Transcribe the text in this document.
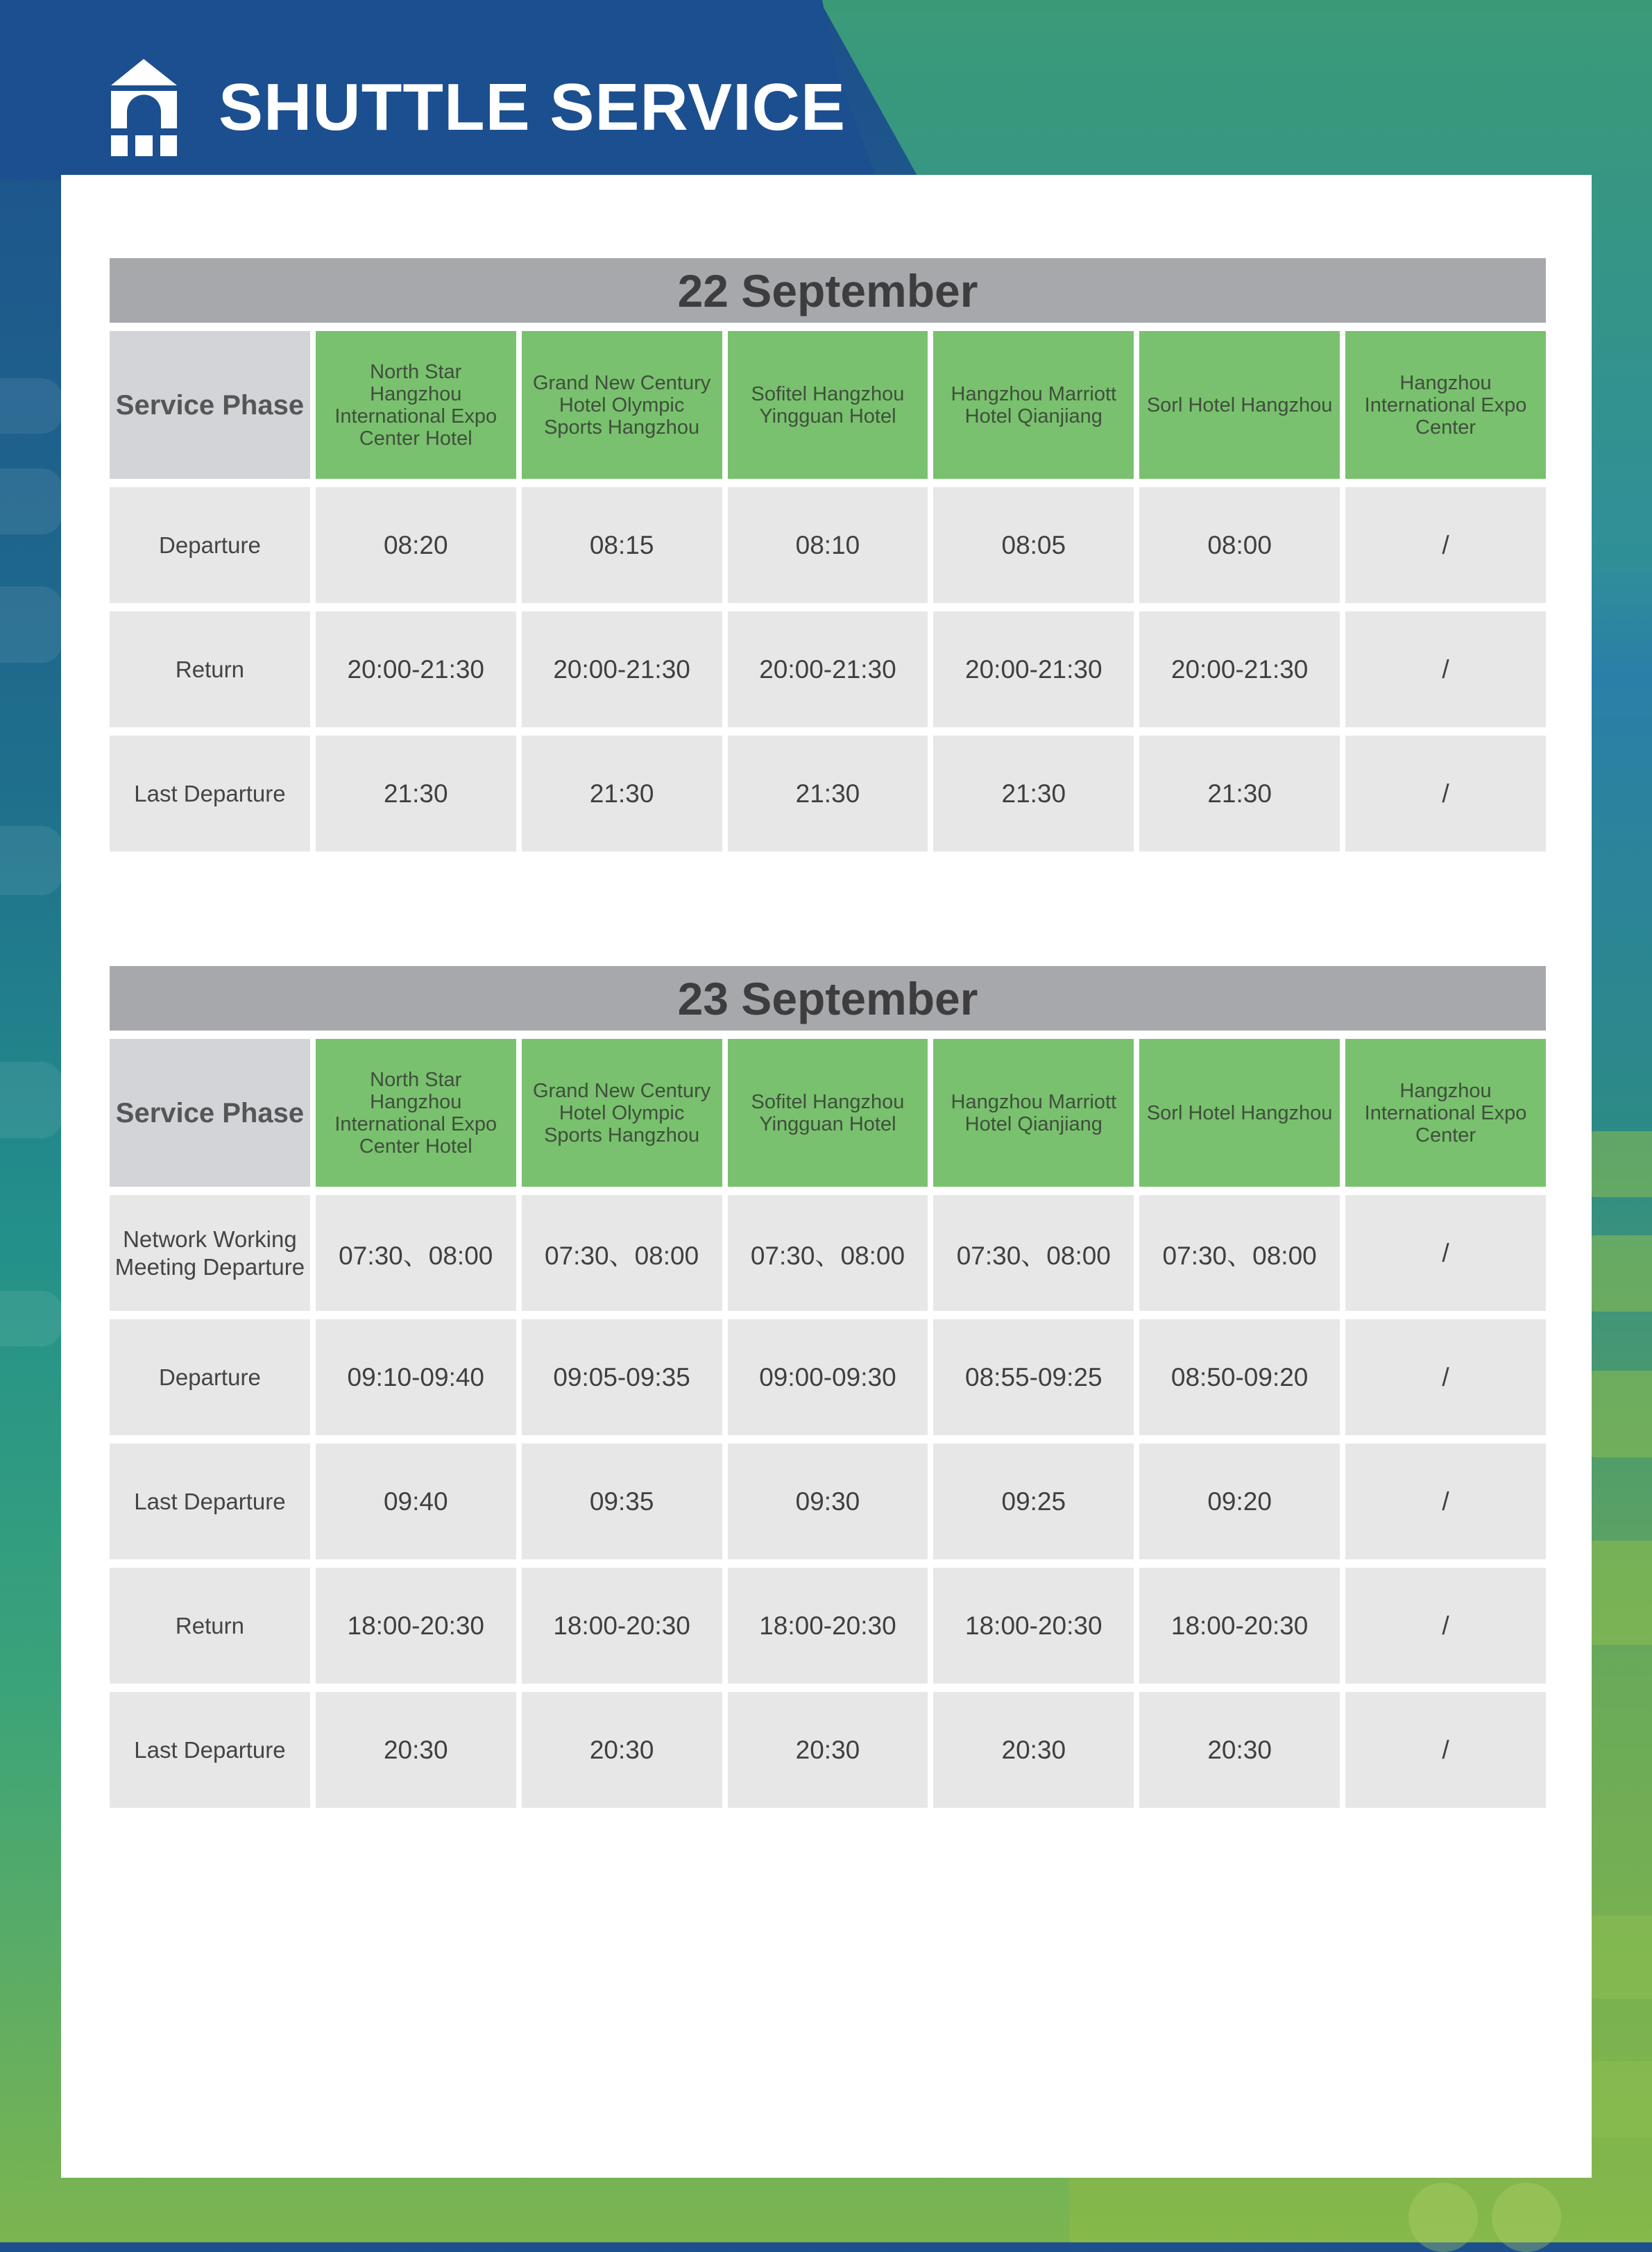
SHUTTLE SERVICE
22 September

Service Phase	North Star Hangzhou International Expo Center Hotel	Grand New Century Hotel Olympic Sports Hangzhou	Sofitel Hangzhou Yingguan Hotel	Hangzhou Marriott Hotel Qianjiang	Sorl Hotel Hangzhou	Hangzhou International Expo Center

Departure	08:20	08:15	08:10	08:05	08:00	/

Return	20:00-21:30	20:00-21:30	20:00-21:30	20:00-21:30	20:00-21:30	/

Last Departure	21:30	21:30	21:30	21:30	21:30	/
23 September

Service Phase	North Star Hangzhou International Expo Center Hotel	Grand New Century Hotel Olympic Sports Hangzhou	Sofitel Hangzhou Yingguan Hotel	Hangzhou Marriott Hotel Qianjiang	Sorl Hotel Hangzhou	Hangzhou International Expo Center

Network Working Meeting Departure	07:30、08:00	07:30、08:00	07:30、08:00	07:30、08:00	07:30、08:00	/

Departure	09:10-09:40	09:05-09:35	09:00-09:30	08:55-09:25	08:50-09:20	/

Last Departure	09:40	09:35	09:30	09:25	09:20	/

Return	18:00-20:30	18:00-20:30	18:00-20:30	18:00-20:30	18:00-20:30	/

Last Departure	20:30	20:30	20:30	20:30	20:30	/
